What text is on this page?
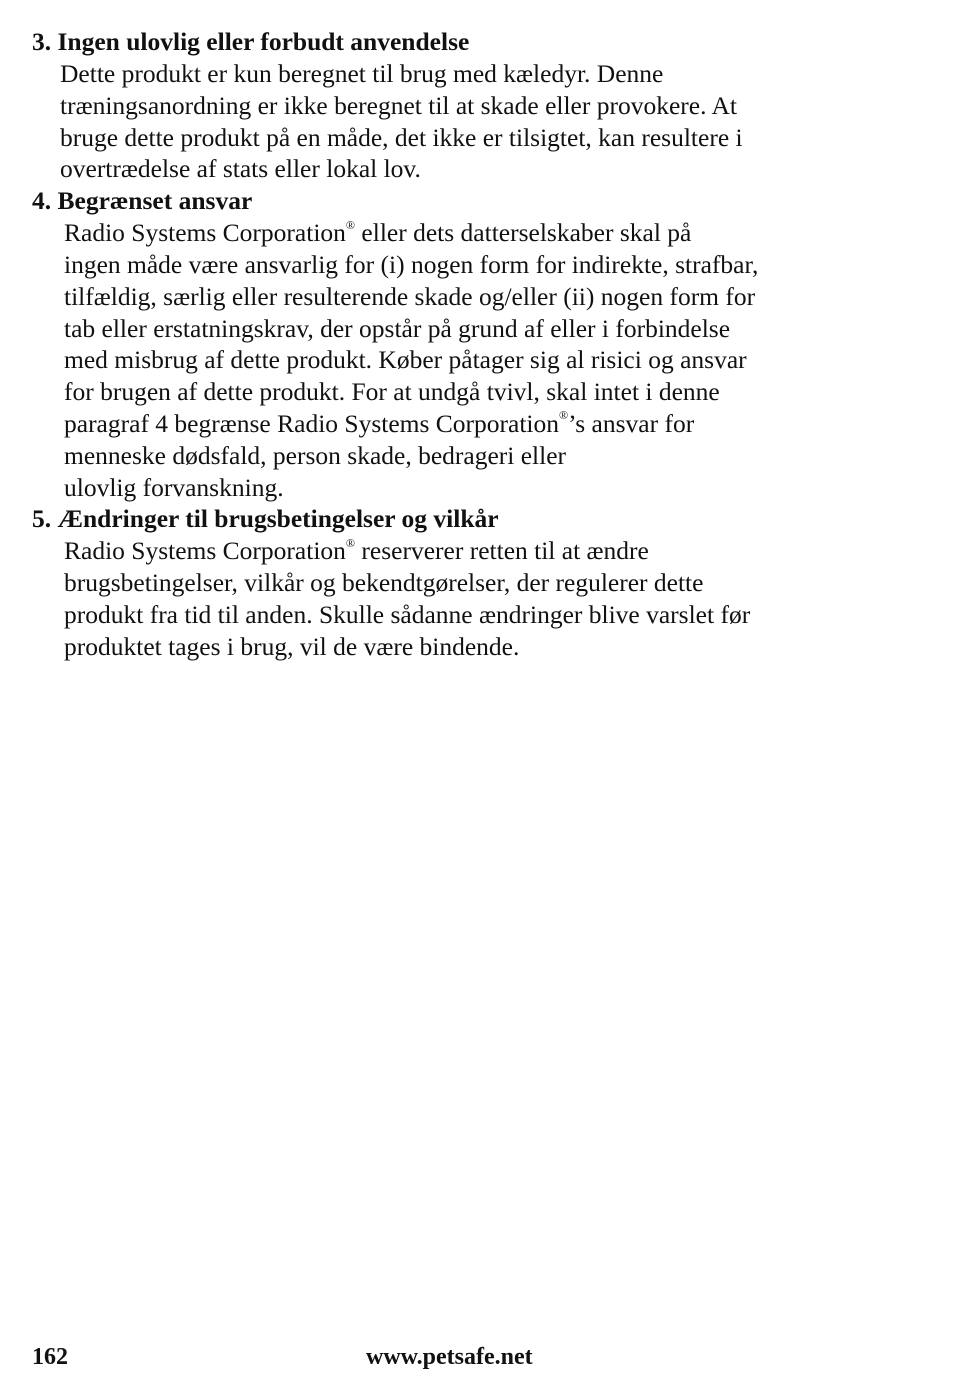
3. Ingen ulovlig eller forbudt anvendelse

Dette produkt er kun beregnet til brug med kæledyr. Denne
træningsanordning er ikke beregnet til at skade eller provokere. At
bruge dette produkt på en måde, det ikke er tilsigtet, kan resultere i
overtrædelse af stats eller lokal lov.

4. Begrænset ansvar

Radio Systems Corporation® eller dets datterselskaber skal på
ingen måde være ansvarlig for (i) nogen form for indirekte, strafbar,
tilfældig, særlig eller resulterende skade og/eller (ii) nogen form for
tab eller erstatningskrav, der opstår på grund af eller i forbindelse
med misbrug af dette produkt. Køber påtager sig al risici og ansvar
for brugen af dette produkt. For at undgå tvivl, skal intet i denne
paragraf 4 begrænse Radio Systems Corporation®’s ansvar for
menneske dødsfald, person skade, bedrageri eller
ulovlig forvanskning.

5. Ændringer til brugsbetingelser og vilkår

Radio Systems Corporation® reserverer retten til at ændre
brugsbetingelser, vilkår og bekendtgørelser, der regulerer dette
produkt fra tid til anden. Skulle sådanne ændringer blive varslet før
produktet tages i brug, vil de være bindende.
162	www.petsafe.net
